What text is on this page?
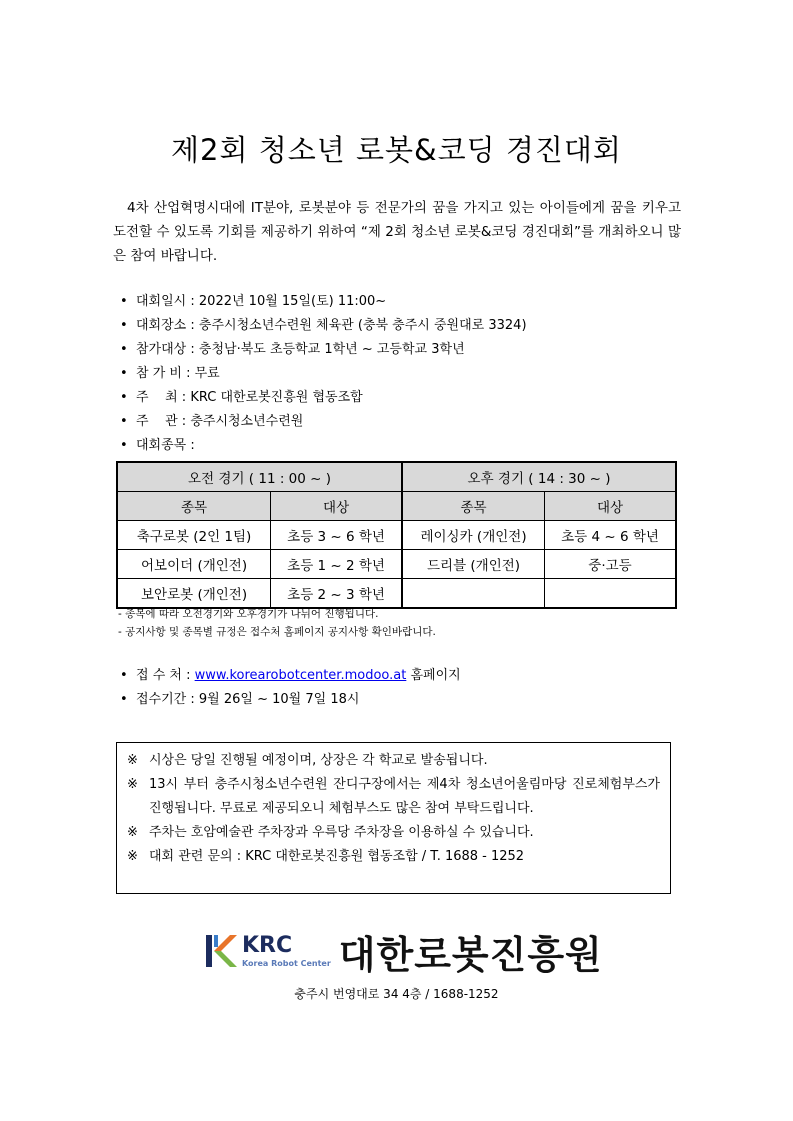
제2회 청소년 로봇&코딩 경진대회
4차 산업혁명시대에 IT분야, 로봇분야 등 전문가의 꿈을 가지고 있는 아이들에게 꿈을 키우고 도전할 수 있도록 기회를 제공하기 위하여 “제 2회 청소년 로봇&코딩 경진대회”를 개최하오니 많은 참여 바랍니다.
• 대회일시 : 2022년 10월 15일(토) 11:00~
• 대회장소 : 충주시청소년수련원 체육관 (충북 충주시 중원대로 3324)
• 참가대상 : 충청남·북도 초등학교 1학년 ~ 고등학교 3학년
• 참 가 비 : 무료
• 주    최 : KRC 대한로봇진흥원 협동조합
• 주    관 : 충주시청소년수련원
• 대회종목 :
오전 경기 ( 11 : 00 ~ )		오후 경기 ( 14 : 30 ~ )	
종목	대상	종목	대상
축구로봇 (2인 1팀)	초등 3 ~ 6 학년	레이싱카 (개인전)	초등 4 ~ 6 학년
어보이더 (개인전)	초등 1 ~ 2 학년	드리블 (개인전)	중·고등
보안로봇 (개인전)	초등 2 ~ 3 학년		
- 종목에 따라 오전경기와 오후경기가 나뉘어 진행됩니다.
- 공지사항 및 종목별 규정은 접수처 홈페이지 공지사항 확인바랍니다.
• 접 수 처 : www.korearobotcenter.modoo.at 홈페이지
• 접수기간 : 9월 26일 ~ 10월 7일 18시
※ 시상은 당일 진행될 예정이며, 상장은 각 학교로 발송됩니다.
※ 13시 부터 충주시청소년수련원 잔디구장에서는 제4차 청소년어울림마당 진로체험부스가 진행됩니다. 무료로 제공되오니 체험부스도 많은 참여 부탁드립니다.
※ 주차는 호암예술관 주차장과 우륵당 주차장을 이용하실 수 있습니다.
※ 대회 관련 문의 : KRC 대한로봇진흥원 협동조합 / T. 1688 - 1252
KRC
Korea Robot Center 대한로봇진흥원
충주시 번영대로 34 4층 / 1688-1252
